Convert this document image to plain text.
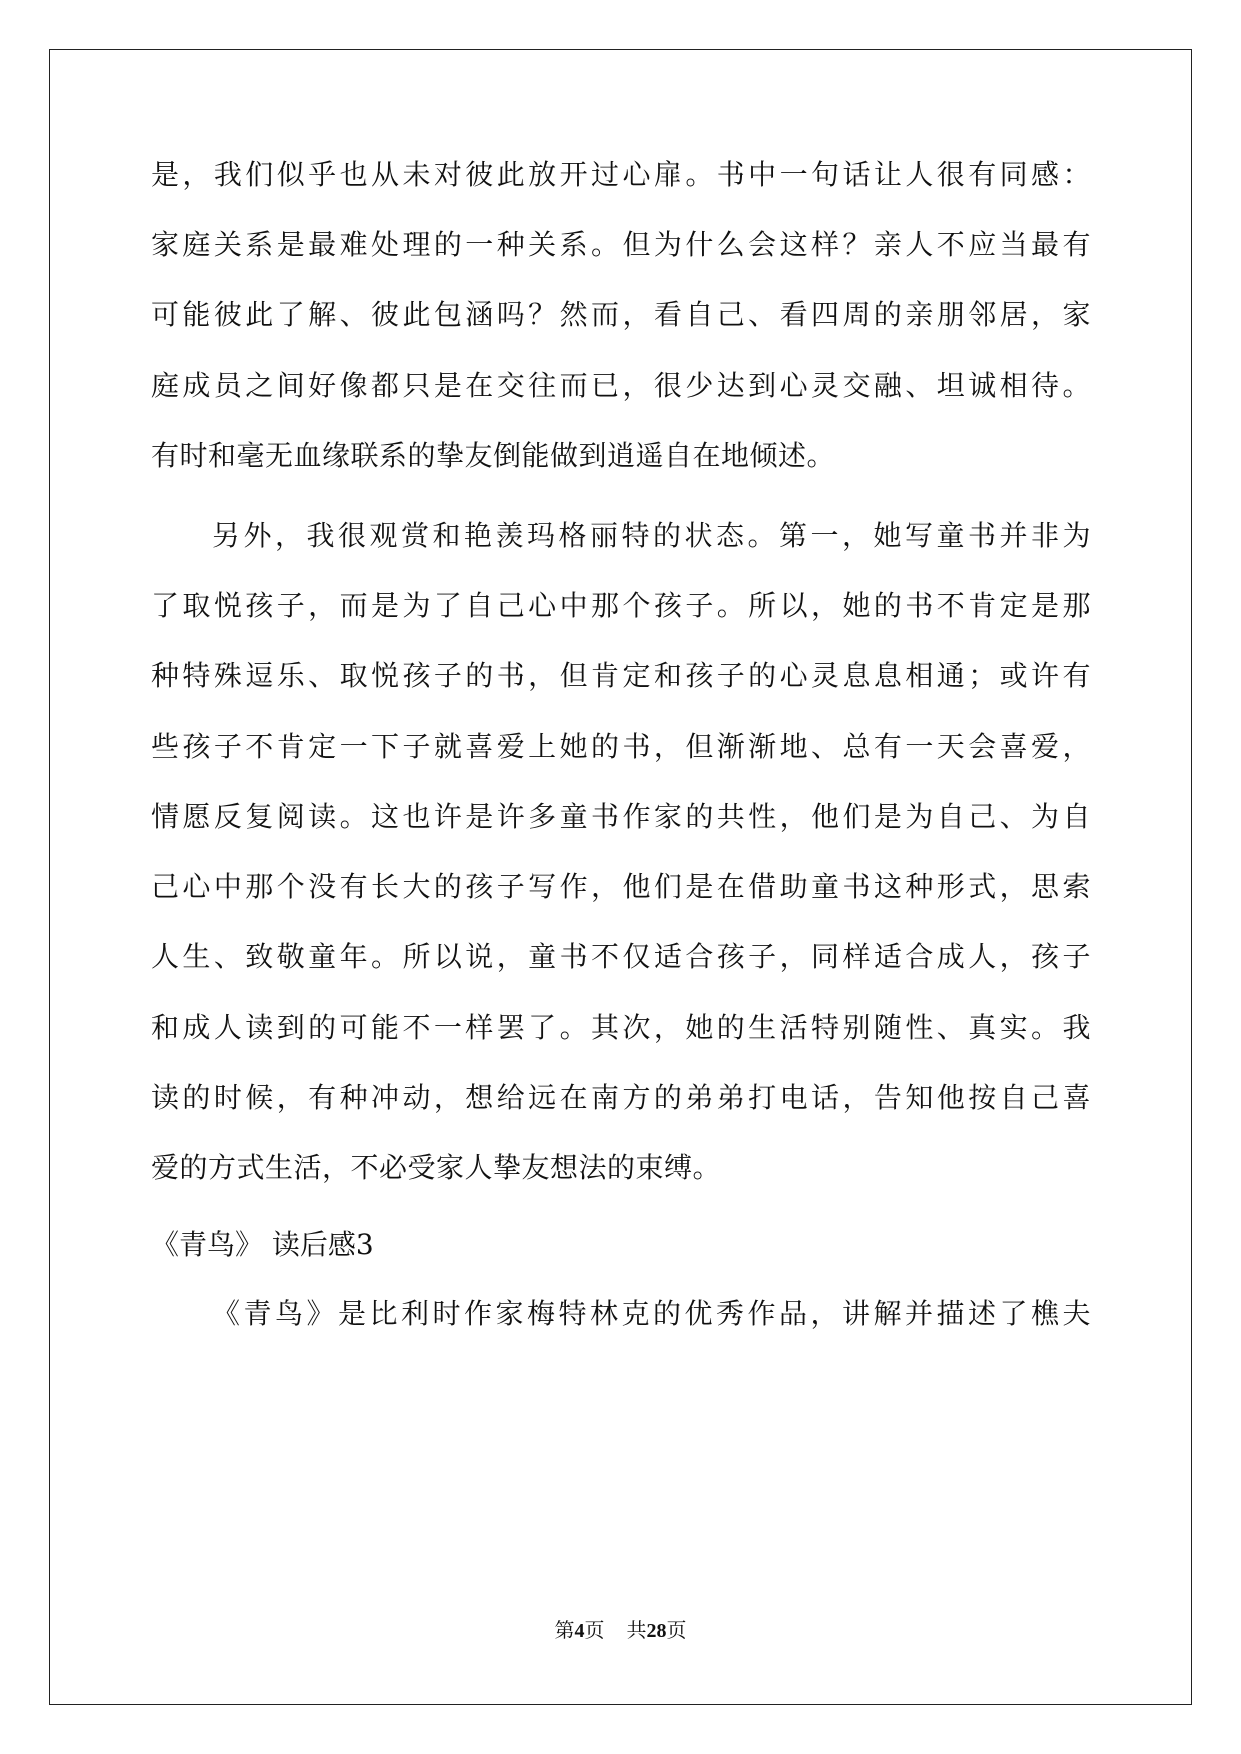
是，我们似乎也从未对彼此放开过心扉。书中一句话让人很有同感：
家庭关系是最难处理的一种关系。但为什么会这样？亲人不应当最有
可能彼此了解、彼此包涵吗？然而，看自己、看四周的亲朋邻居，家
庭成员之间好像都只是在交往而已，很少达到心灵交融、坦诚相待。
有时和毫无血缘联系的挚友倒能做到逍遥自在地倾述。
另外，我很观赏和艳羡玛格丽特的状态。第一，她写童书并非为
了取悦孩子，而是为了自己心中那个孩子。所以，她的书不肯定是那
种特殊逗乐、取悦孩子的书，但肯定和孩子的心灵息息相通；或许有
些孩子不肯定一下子就喜爱上她的书，但渐渐地、总有一天会喜爱，
情愿反复阅读。这也许是许多童书作家的共性，他们是为自己、为自
己心中那个没有长大的孩子写作，他们是在借助童书这种形式，思索
人生、致敬童年。所以说，童书不仅适合孩子，同样适合成人，孩子
和成人读到的可能不一样罢了。其次，她的生活特别随性、真实。我
读的时候，有种冲动，想给远在南方的弟弟打电话，告知他按自己喜
爱的方式生活，不必受家人挚友想法的束缚。
《青鸟》 读后感3
《青鸟》是比利时作家梅特林克的优秀作品，讲解并描述了樵夫
第4页 共28页
